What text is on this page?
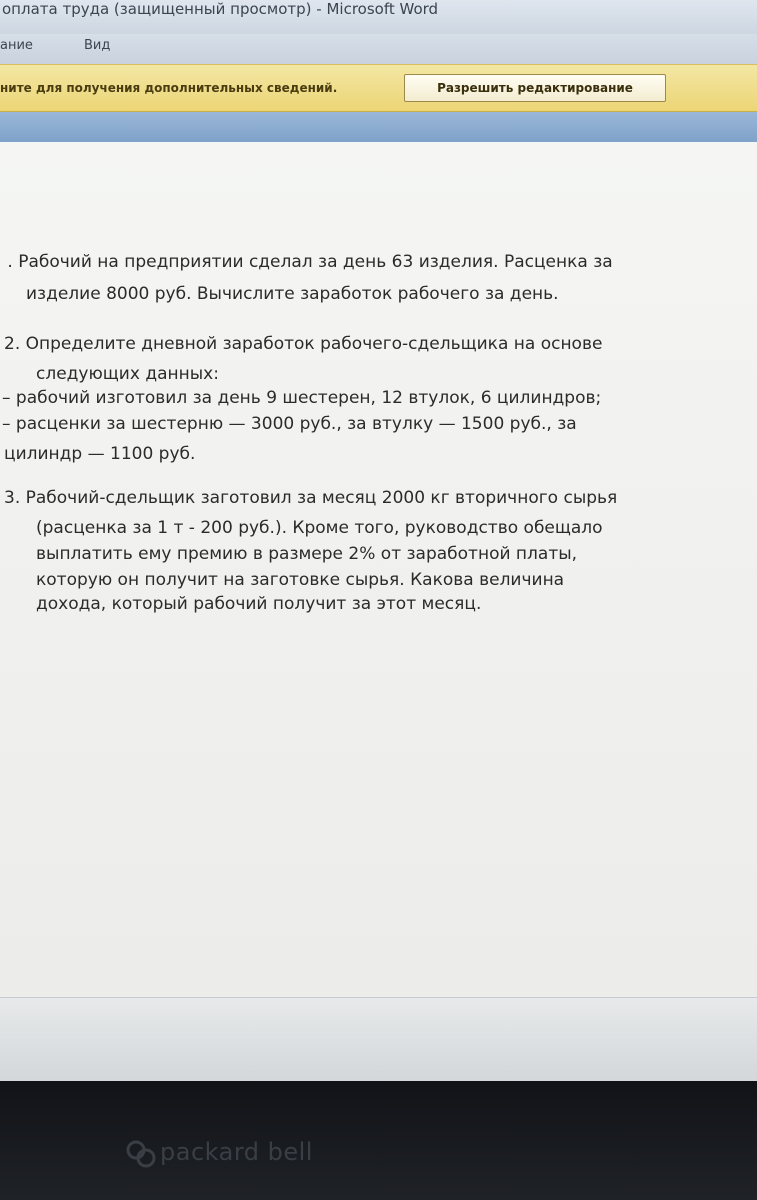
оплата труда (защищенный просмотр) - Microsoft Word
ание	Вид
ните для получения дополнительных сведений.	Разрешить редактирование
. Рабочий на предприятии сделал за день 63 изделия. Расценка за
изделие 8000 руб. Вычислите заработок рабочего за день.
2. Определите дневной заработок рабочего-сдельщика на основе
следующих данных:
– рабочий изготовил за день 9 шестерен, 12 втулок, 6 цилиндров;
– расценки за шестерню — 3000 руб., за втулку — 1500 руб., за
цилиндр — 1100 руб.
3. Рабочий-сдельщик заготовил за месяц 2000 кг вторичного сырья
(расценка за 1 т - 200 руб.). Кроме того, руководство обещало
выплатить ему премию в размере 2% от заработной платы,
которую он получит на заготовке сырья. Какова величина
дохода, который рабочий получит за этот месяц.
packard bell
